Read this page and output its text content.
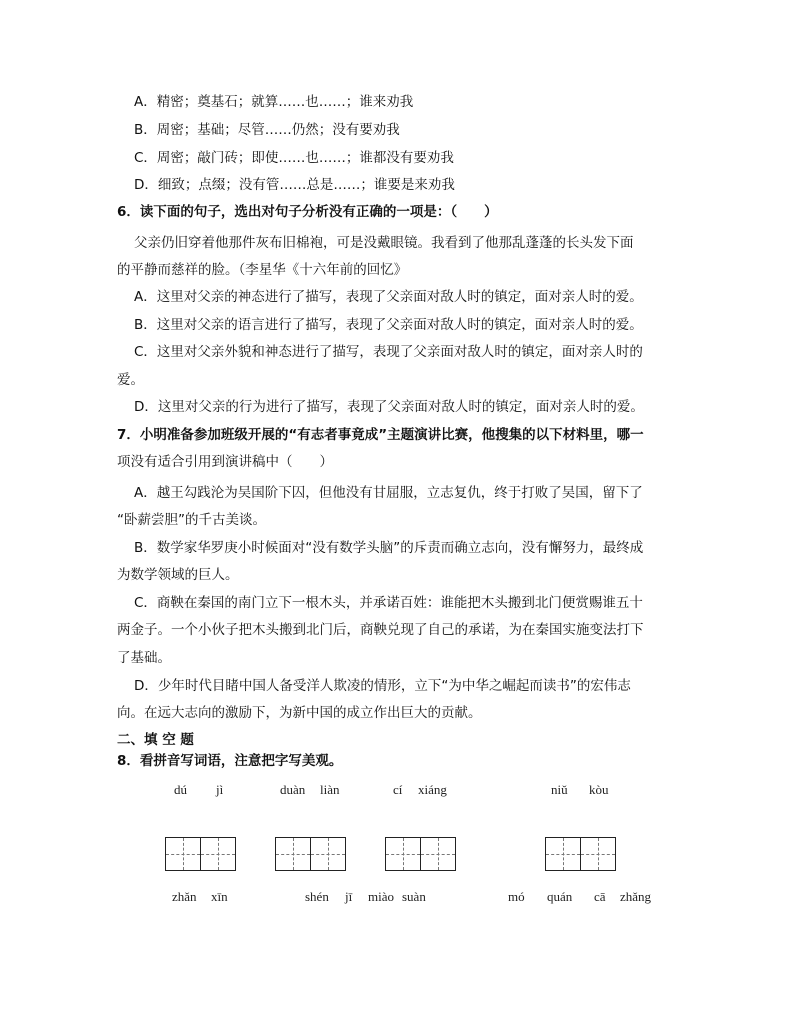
A．精密；奠基石；就算……也……；谁来劝我
B．周密；基础；尽管……仍然；没有要劝我
C．周密；敲门砖；即使……也……；谁都没有要劝我
D．细致；点缀；没有管……总是……；谁要是来劝我
6．读下面的句子，选出对句子分析没有正确的一项是：（　　）
父亲仍旧穿着他那件灰布旧棉袍，可是没戴眼镜。我看到了他那乱蓬蓬的长头发下面
的平静而慈祥的脸。（李星华《十六年前的回忆》
A．这里对父亲的神态进行了描写，表现了父亲面对敌人时的镇定，面对亲人时的爱。
B．这里对父亲的语言进行了描写，表现了父亲面对敌人时的镇定，面对亲人时的爱。
C．这里对父亲外貌和神态进行了描写，表现了父亲面对敌人时的镇定，面对亲人时的
爱。
D．这里对父亲的行为进行了描写，表现了父亲面对敌人时的镇定，面对亲人时的爱。
7．小明准备参加班级开展的“有志者事竟成”主题演讲比赛，他搜集的以下材料里，哪一
项没有适合引用到演讲稿中（　　）
A．越王勾践沦为吴国阶下囚，但他没有甘屈服，立志复仇，终于打败了吴国，留下了
“卧薪尝胆”的千古美谈。
B．数学家华罗庚小时候面对“没有数学头脑”的斥责而确立志向，没有懈努力，最终成
为数学领域的巨人。
C．商鞅在秦国的南门立下一根木头，并承诺百姓：谁能把木头搬到北门便赏赐谁五十
两金子。一个小伙子把木头搬到北门后，商鞅兑现了自己的承诺，为在秦国实施变法打下
了基础。
D．少年时代目睹中国人备受洋人欺凌的情形，立下“为中华之崛起而读书”的宏伟志
向。在远大志向的激励下，为新中国的成立作出巨大的贡献。
二、填 空 题
8．看拼音写词语，注意把字写美观。
dú jì	duàn liàn	cí xiáng	niǔ kòu
zhǎn xīn	shén jī miào suàn	mó quán cā zhǎng
